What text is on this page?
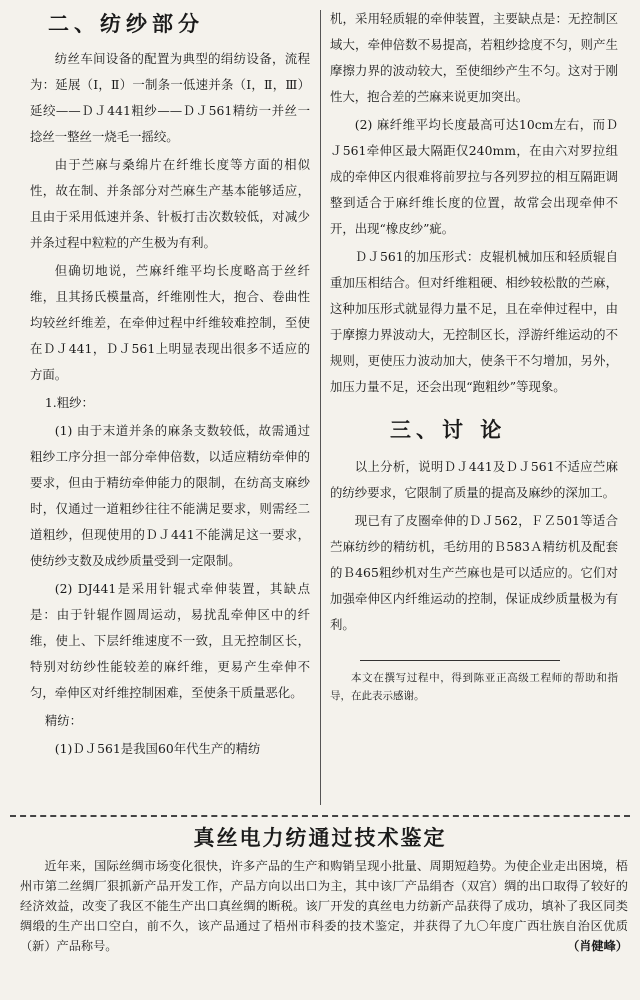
二、纺纱部分

纺丝车间设备的配置为典型的绢纺设备，流程为：延展（Ⅰ，Ⅱ）一制条一低速并条（Ⅰ，Ⅱ，Ⅲ）延绞——ＤＪ441粗纱——ＤＪ561精纺一并丝一捻丝一整丝一烧毛一摇绞。

由于苎麻与桑绵片在纤维长度等方面的相似性，故在制、并条部分对苎麻生产基本能够适应，且由于采用低速并条、针板打击次数较低，对减少并条过程中粒粒的产生极为有利。

但确切地说，苎麻纤维平均长度略高于丝纤维，且其扬氏模量高，纤维刚性大，抱合、卷曲性均较丝纤维差，在牵伸过程中纤维较难控制，至使在ＤＪ441，ＤＪ561上明显表现出很多不适应的方面。

1.粗纱：

(1) 由于末道并条的麻条支数较低，故需通过粗纱工序分担一部分牵伸倍数，以适应精纺牵伸的要求，但由于精纺牵伸能力的限制，在纺高支麻纱时，仅通过一道粗纱往往不能满足要求，则需经二道粗纱，但现使用的ＤＪ441不能满足这一要求，使纺纱支数及成纱质量受到一定限制。

(2) DJ441是采用针辊式牵伸装置，其缺点是：由于针辊作圆周运动，易扰乱牵伸区中的纤维，使上、下层纤维速度不一致，且无控制区长，特别对纺纱性能较差的麻纤维，更易产生牵伸不匀，牵伸区对纤维控制困难，至使条干质量恶化。

精纺：

(1)ＤＪ561是我国60年代生产的精纺

机，采用轻质辊的牵伸装置，主要缺点是：无控制区域大，牵伸倍数不易提高，若粗纱捻度不匀，则产生摩擦力界的波动较大，至使细纱产生不匀。这对于刚性大，抱合差的苎麻来说更加突出。

(2) 麻纤维平均长度最高可达10cm左右，而ＤＪ561牵伸区最大隔距仅240mm，在由六对罗拉组成的牵伸区内很难将前罗拉与各列罗拉的相互隔距调整到适合于麻纤维长度的位置，故常会出现牵伸不开，出现“橡皮纱”疵。

ＤＪ561的加压形式：皮辊机械加压和轻质辊自重加压相结合。但对纤维粗硬、相纱较松散的苎麻，这种加压形式就显得力量不足，且在牵伸过程中，由于摩擦力界波动大，无控制区长，浮游纤维运动的不规则，更使压力波动加大，使条干不匀增加，另外，加压力量不足，还会出现“跑粗纱”等现象。

三、讨 论

以上分析，说明ＤＪ441及ＤＪ561不适应苎麻的纺纱要求，它限制了质量的提高及麻纱的深加工。

现已有了皮圈牵伸的ＤＪ562，ＦＺ501等适合苎麻纺纱的精纺机，毛纺用的Ｂ583Ａ精纺机及配套的Ｂ465粗纱机对生产苎麻也是可以适应的。它们对加强牵伸区内纤维运动的控制，保证成纱质量极为有利。

本文在撰写过程中，得到陈亚正高级工程师的帮助和指导，在此表示感谢。

真丝电力纺通过技术鉴定

近年来，国际丝绸市场变化很快，许多产品的生产和购销呈现小批量、周期短趋势。为使企业走出困境，梧州市第二丝绸厂狠抓新产品开发工作，产品方向以出口为主，其中该厂产品绢杏（双宫）绸的出口取得了较好的经济效益，改变了我区不能生产出口真丝绸的断税。该厂开发的真丝电力纺新产品获得了成功，填补了我区同类绸缎的生产出口空白，前不久，该产品通过了梧州市科委的技术鉴定，并获得了九〇年度广西壮族自治区优质（新）产品称号。	（肖健峰）
